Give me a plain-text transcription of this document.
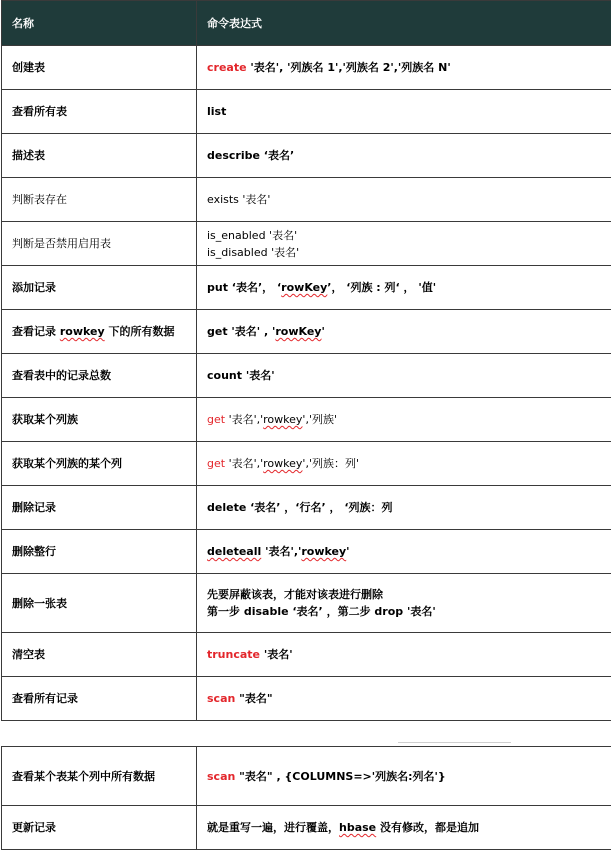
名称	命令表达式
创建表	create '表名', '列族名 1','列族名 2','列族名 N'
查看所有表	list
描述表	describe ‘表名’
判断表存在	exists '表名'
判断是否禁用启用表	is_enabled '表名'
is_disabled '表名'

添加记录	put ‘表名’， ‘rowKey’， ‘列族 : 列‘ ， '值'
查看记录 rowkey 下的所有数据	get '表名' , 'rowKey'
查看表中的记录总数	count '表名'
获取某个列族	get '表名','rowkey','列族'
获取某个列族的某个列	get '表名','rowkey','列族：列'
删除记录	delete ‘表名’ ，‘行名’ ， ‘列族：列
删除整行	deleteall '表名','rowkey'
删除一张表	先要屏蔽该表，才能对该表进行删除
第一步 disable ‘表名’ ，第二步 drop '表名'

清空表	truncate '表名'
查看所有记录	scan "表名"
查看某个表某个列中所有数据	scan "表名" , {COLUMNS=>'列族名:列名'}
更新记录	就是重写一遍，进行覆盖，hbase 没有修改，都是追加
